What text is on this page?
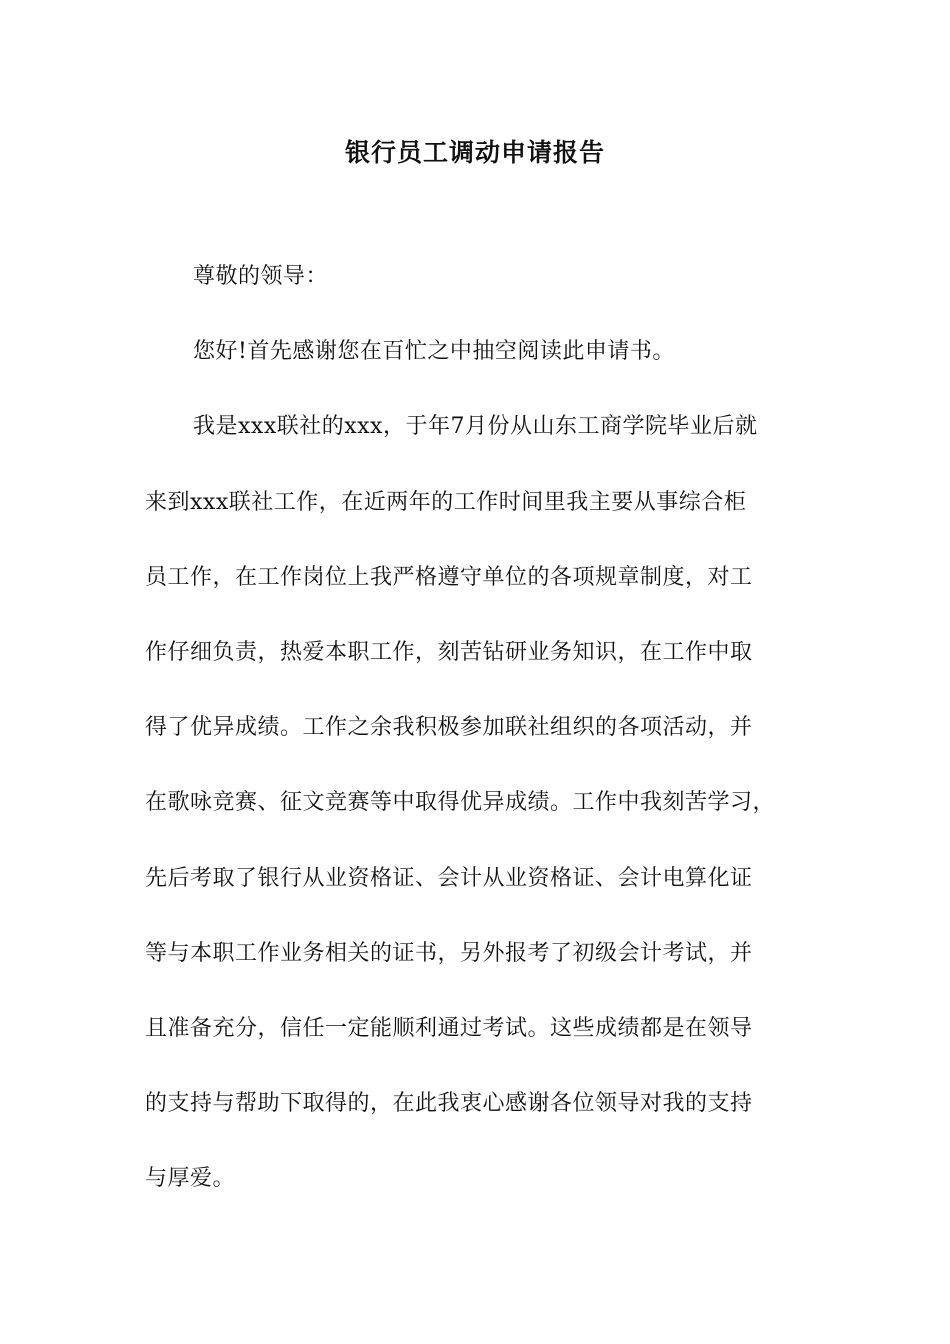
银行员工调动申请报告
尊敬的领导：
您好!首先感谢您在百忙之中抽空阅读此申请书。
我是xxx联社的xxx，于年7月份从山东工商学院毕业后就
来到xxx联社工作，在近两年的工作时间里我主要从事综合柜
员工作，在工作岗位上我严格遵守单位的各项规章制度，对工
作仔细负责，热爱本职工作，刻苦钻研业务知识，在工作中取
得了优异成绩。工作之余我积极参加联社组织的各项活动，并
在歌咏竞赛、征文竞赛等中取得优异成绩。工作中我刻苦学习，
先后考取了银行从业资格证、会计从业资格证、会计电算化证
等与本职工作业务相关的证书，另外报考了初级会计考试，并
且准备充分，信任一定能顺利通过考试。这些成绩都是在领导
的支持与帮助下取得的，在此我衷心感谢各位领导对我的支持
与厚爱。
